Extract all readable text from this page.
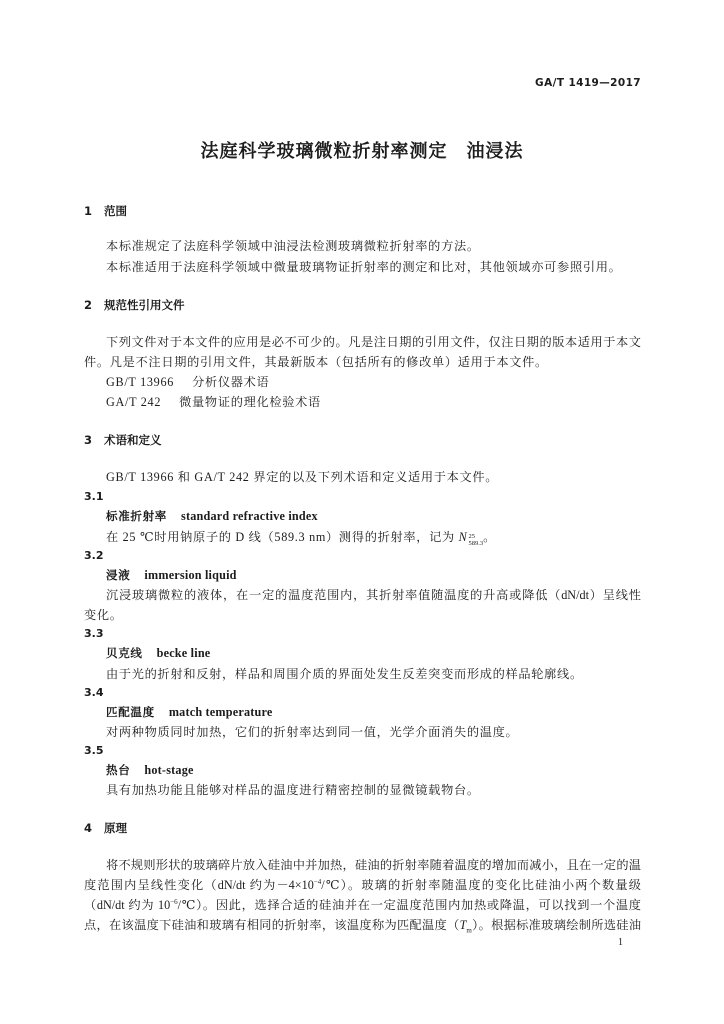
GA/T 1419—2017
法庭科学玻璃微粒折射率测定　油浸法
1 范围
本标准规定了法庭科学领域中油浸法检测玻璃微粒折射率的方法。
本标准适用于法庭科学领域中微量玻璃物证折射率的测定和比对，其他领域亦可参照引用。
2 规范性引用文件
下列文件对于本文件的应用是必不可少的。凡是注日期的引用文件，仅注日期的版本适用于本文
件。凡是不注日期的引用文件，其最新版本（包括所有的修改单）适用于本文件。
GB/T 13966 分析仪器术语
GA/T 242 微量物证的理化检验术语
3 术语和定义
GB/T 13966 和 GA/T 242 界定的以及下列术语和定义适用于本文件。
3.1
标准折射率 standard refractive index
在 25 ℃时用钠原子的 D 线（589.3 nm）测得的折射率，记为 N 25
589.3 。
3.2
浸液 immersion liquid
沉浸玻璃微粒的液体，在一定的温度范围内，其折射率值随温度的升高或降低（dN/dt）呈线性
变化。
3.3
贝克线 becke line
由于光的折射和反射，样品和周围介质的界面处发生反差突变而形成的样品轮廓线。
3.4
匹配温度 match temperature
对两种物质同时加热，它们的折射率达到同一值，光学介面消失的温度。
3.5
热台 hot-stage
具有加热功能且能够对样品的温度进行精密控制的显微镜载物台。
4 原理
将不规则形状的玻璃碎片放入硅油中并加热，硅油的折射率随着温度的增加而减小，且在一定的温
度范围内呈线性变化（dN/dt 约为$-4\times 10^{-4}/℃$）。玻璃的折射率随温度的变化比硅油小两个数量级
（dN/dt 约为 $10^{-6}/℃$）。因此，选择合适的硅油并在一定温度范围内加热或降温，可以找到一个温度
点，在该温度下硅油和玻璃有相同的折射率，该温度称为匹配温度$(T_m)$。根据标准玻璃绘制所选硅油
1
